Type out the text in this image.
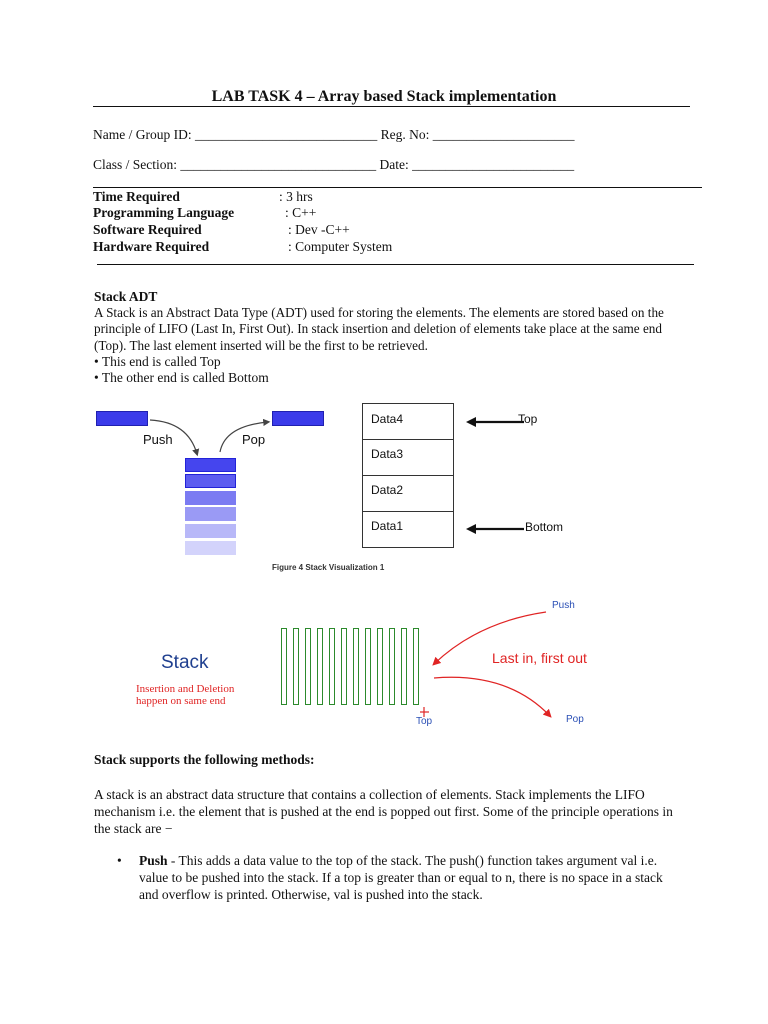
LAB TASK 4 – Array based Stack implementation
Name / Group ID: ___________________________ Reg. No: _____________________
Class / Section: _____________________________ Date: ________________________
Time Required	: 3 hrs
Programming Language	: C++
Software Required	: Dev -C++
Hardware Required	: Computer System
Stack ADT
A Stack is an Abstract Data Type (ADT) used for storing the elements. The elements are stored based on the principle of LIFO (Last In, First Out). In stack insertion and deletion of elements take place at the same end (Top). The last element inserted will be the first to be retrieved.
• This end is called Top
• The other end is called Bottom
Push	Pop
Data4
Data3
Data2
Data1
Top
Bottom
Figure 4 Stack Visualization 1
Stack
Insertion and Deletion
happen on same end
Push
Last in, first out
Pop
Top
Stack supports the following methods:
A stack is an abstract data structure that contains a collection of elements. Stack implements the LIFO mechanism i.e. the element that is pushed at the end is popped out first. Some of the principle operations in the stack are −
• Push - This adds a data value to the top of the stack. The push() function takes argument val i.e. value to be pushed into the stack. If a top is greater than or equal to n, there is no space in a stack and overflow is printed. Otherwise, val is pushed into the stack.
